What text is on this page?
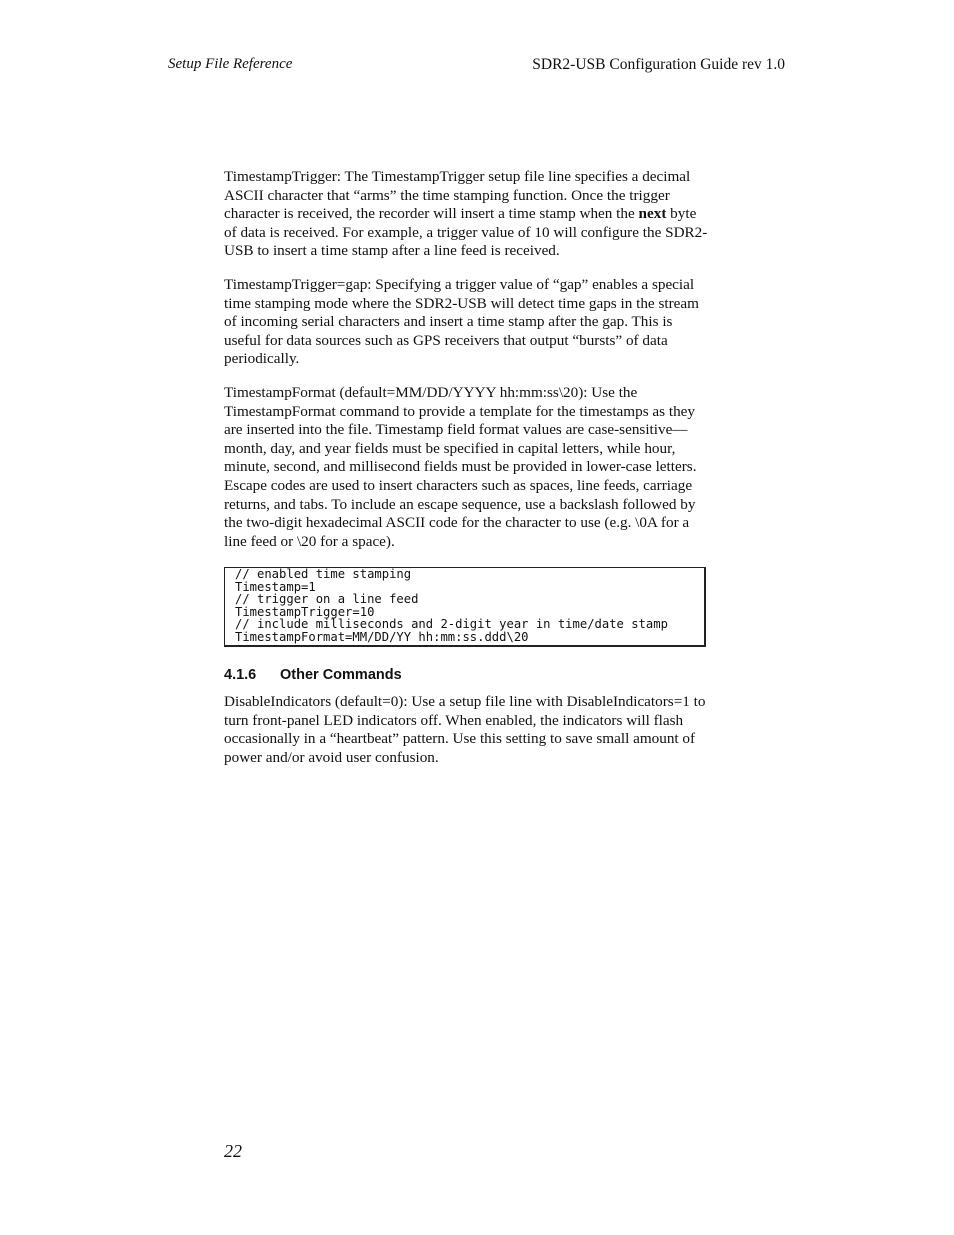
Setup File Reference	SDR2-USB Configuration Guide rev 1.0

TimestampTrigger: The TimestampTrigger setup file line specifies a decimal ASCII character that “arms” the time stamping function. Once the trigger character is received, the recorder will insert a time stamp when the next byte of data is received. For example, a trigger value of 10 will configure the SDR2-USB to insert a time stamp after a line feed is received.

TimestampTrigger=gap: Specifying a trigger value of “gap” enables a special time stamping mode where the SDR2-USB will detect time gaps in the stream of incoming serial characters and insert a time stamp after the gap. This is useful for data sources such as GPS receivers that output “bursts” of data periodically.

TimestampFormat (default=MM/DD/YYYY hh:mm:ss\20): Use the TimestampFormat command to provide a template for the timestamps as they are inserted into the file. Timestamp field format values are case-sensitive— month, day, and year fields must be specified in capital letters, while hour, minute, second, and millisecond fields must be provided in lower-case letters. Escape codes are used to insert characters such as spaces, line feeds, carriage returns, and tabs. To include an escape sequence, use a backslash followed by the two-digit hexadecimal ASCII code for the character to use (e.g. \0A for a line feed or \20 for a space).

// enabled time stamping
Timestamp=1
// trigger on a line feed
TimestampTrigger=10
// include milliseconds and 2-digit year in time/date stamp
TimestampFormat=MM/DD/YY hh:mm:ss.ddd\20
4.1.6	Other Commands

DisableIndicators (default=0): Use a setup file line with DisableIndicators=1 to turn front-panel LED indicators off. When enabled, the indicators will flash occasionally in a “heartbeat” pattern. Use this setting to save small amount of power and/or avoid user confusion.

22
